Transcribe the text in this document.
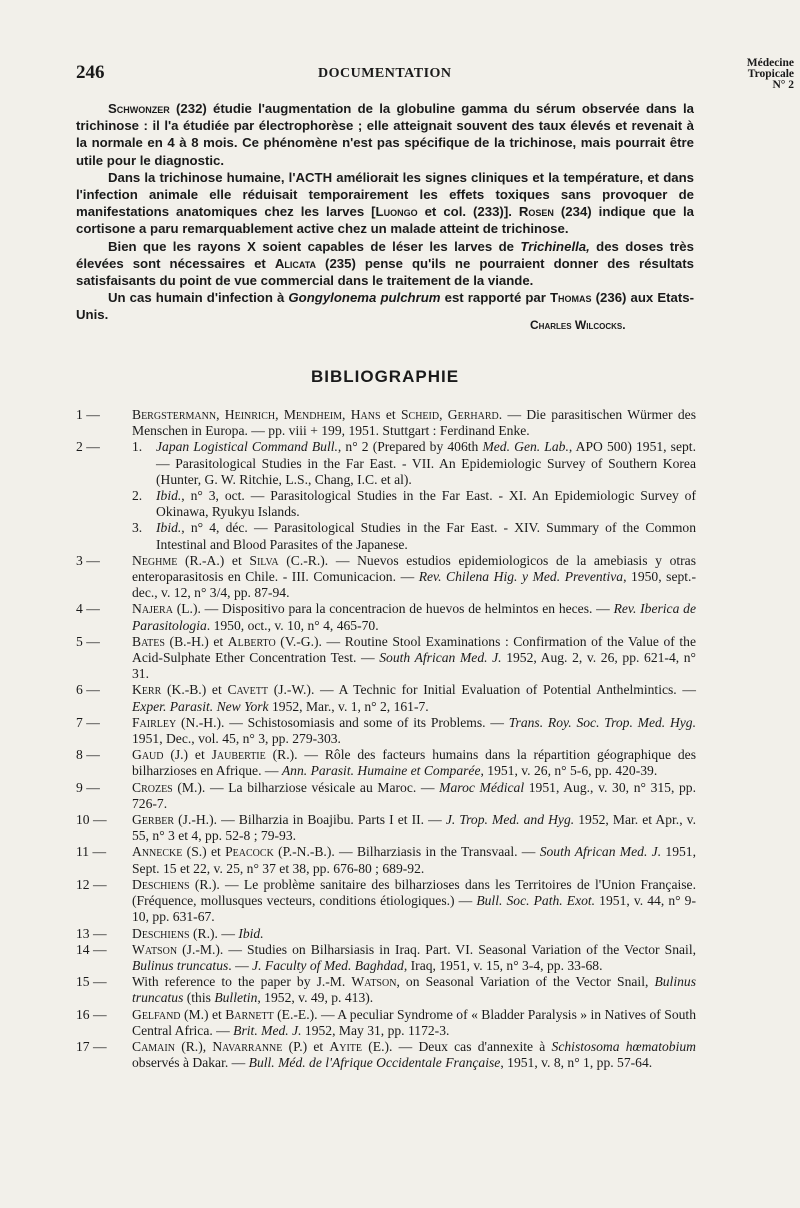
246	DOCUMENTATION
Médecine
Tropicale
N° 2

Schwonzer (232) étudie l'augmentation de la globuline gamma du sérum observée dans la trichinose : il l'a étudiée par électrophorèse ; elle atteignait souvent des taux élevés et revenait à la normale en 4 à 8 mois. Ce phénomène n'est pas spécifique de la trichinose, mais pourrait être utile pour le diagnostic.

Dans la trichinose humaine, l'ACTH améliorait les signes cliniques et la température, et dans l'infection animale elle réduisait temporairement les effets toxiques sans provoquer de manifestations anatomiques chez les larves [Luongo et col. (233)]. Rosen (234) indique que la cortisone a paru remarquablement active chez un malade atteint de trichinose.

Bien que les rayons X soient capables de léser les larves de Trichinella, des doses très élevées sont nécessaires et Alicata (235) pense qu'ils ne pourraient donner des résultats satisfaisants du point de vue commercial dans le traitement de la viande.

Un cas humain d'infection à Gongylonema pulchrum est rapporté par Thomas (236) aux Etats-Unis.

Charles Wilcocks.
BIBLIOGRAPHIE
1 —	Bergstermann, Heinrich, Mendheim, Hans et Scheid, Gerhard. — Die parasitischen Würmer des Menschen in Europa. — pp. viii + 199, 1951. Stuttgart : Ferdinand Enke.
2 —	1. Japan Logistical Command Bull., n° 2 (Prepared by 406th Med. Gen. Lab., APO 500) 1951, sept. — Parasitological Studies in the Far East. - VII. An Epidemiologic Survey of Southern Korea (Hunter, G. W. Ritchie, L.S., Chang, I.C. et al).
2. Ibid., n° 3, oct. — Parasitological Studies in the Far East. - XI. An Epidemiologic Survey of Okinawa, Ryukyu Islands.
3. Ibid., n° 4, déc. — Parasitological Studies in the Far East. - XIV. Summary of the Common Intestinal and Blood Parasites of the Japanese.
3 —	Neghme (R.-A.) et Silva (C.-R.). — Nuevos estudios epidemiologicos de la amebiasis y otras enteroparasitosis en Chile. - III. Comunicacion. — Rev. Chilena Hig. y Med. Preventiva, 1950, sept.-dec., v. 12, n° 3/4, pp. 87-94.
4 —	Najera (L.). — Dispositivo para la concentracion de huevos de helmintos en heces. — Rev. Iberica de Parasitologia. 1950, oct., v. 10, n° 4, 465-70.
5 —	Bates (B.-H.) et Alberto (V.-G.). — Routine Stool Examinations : Confirmation of the Value of the Acid-Sulphate Ether Concentration Test. — South African Med. J. 1952, Aug. 2, v. 26, pp. 621-4, n° 31.
6 —	Kerr (K.-B.) et Cavett (J.-W.). — A Technic for Initial Evaluation of Potential Anthelmintics. — Exper. Parasit. New York 1952, Mar., v. 1, n° 2, 161-7.
7 —	Fairley (N.-H.). — Schistosomiasis and some of its Problems. — Trans. Roy. Soc. Trop. Med. Hyg. 1951, Dec., vol. 45, n° 3, pp. 279-303.
8 —	Gaud (J.) et Jaubertie (R.). — Rôle des facteurs humains dans la répartition géographique des bilharzioses en Afrique. — Ann. Parasit. Humaine et Comparée, 1951, v. 26, n° 5-6, pp. 420-39.
9 —	Crozes (M.). — La bilharziose vésicale au Maroc. — Maroc Médical 1951, Aug., v. 30, n° 315, pp. 726-7.
10 —	Gerber (J.-H.). — Bilharzia in Boajibu. Parts I et II. — J. Trop. Med. and Hyg. 1952, Mar. et Apr., v. 55, n° 3 et 4, pp. 52-8 ; 79-93.
11 —	Annecke (S.) et Peacock (P.-N.-B.). — Bilharziasis in the Transvaal. — South African Med. J. 1951, Sept. 15 et 22, v. 25, n° 37 et 38, pp. 676-80 ; 689-92.
12 —	Deschiens (R.). — Le problème sanitaire des bilharzioses dans les Territoires de l'Union Française. (Fréquence, mollusques vecteurs, conditions étiologiques.) — Bull. Soc. Path. Exot. 1951, v. 44, n° 9-10, pp. 631-67.
13 —	Deschiens (R.). — Ibid.
14 —	Watson (J.-M.). — Studies on Bilharsiasis in Iraq. Part. VI. Seasonal Variation of the Vector Snail, Bulinus truncatus. — J. Faculty of Med. Baghdad, Iraq, 1951, v. 15, n° 3-4, pp. 33-68.
15 —	With reference to the paper by J.-M. Watson, on Seasonal Variation of the Vector Snail, Bulinus truncatus (this Bulletin, 1952, v. 49, p. 413).
16 —	Gelfand (M.) et Barnett (E.-E.). — A peculiar Syndrome of « Bladder Paralysis » in Natives of South Central Africa. — Brit. Med. J. 1952, May 31, pp. 1172-3.
17 —	Camain (R.), Navarranne (P.) et Ayite (E.). — Deux cas d'annexite à Schistosoma hœmatobium observés à Dakar. — Bull. Méd. de l'Afrique Occidentale Française, 1951, v. 8, n° 1, pp. 57-64.
